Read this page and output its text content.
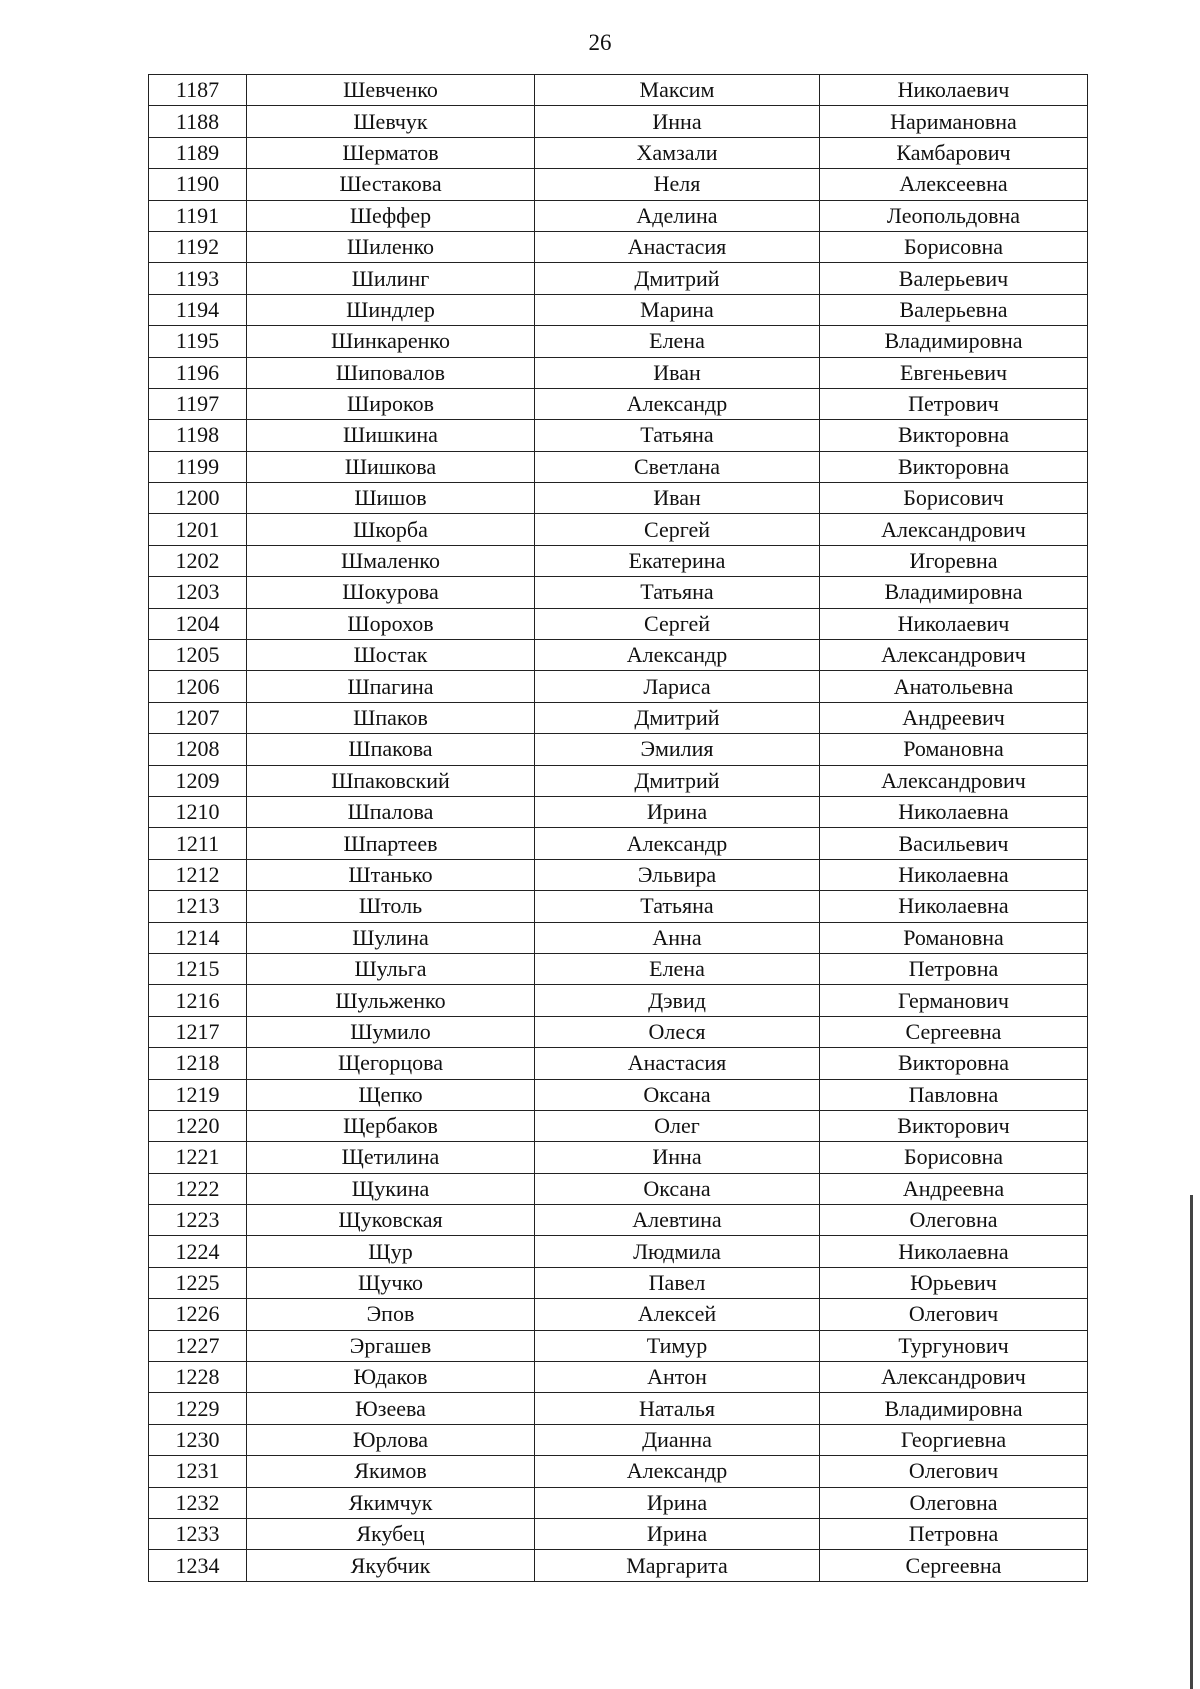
26
1187	Шевченко	Максим	Николаевич
1188	Шевчук	Инна	Наримановна
1189	Шерматов	Хамзали	Камбарович
1190	Шестакова	Неля	Алексеевна
1191	Шеффер	Аделина	Леопольдовна
1192	Шиленко	Анастасия	Борисовна
1193	Шилинг	Дмитрий	Валерьевич
1194	Шиндлер	Марина	Валерьевна
1195	Шинкаренко	Елена	Владимировна
1196	Шиповалов	Иван	Евгеньевич
1197	Широков	Александр	Петрович
1198	Шишкина	Татьяна	Викторовна
1199	Шишкова	Светлана	Викторовна
1200	Шишов	Иван	Борисович
1201	Шкорба	Сергей	Александрович
1202	Шмаленко	Екатерина	Игоревна
1203	Шокурова	Татьяна	Владимировна
1204	Шорохов	Сергей	Николаевич
1205	Шостак	Александр	Александрович
1206	Шпагина	Лариса	Анатольевна
1207	Шпаков	Дмитрий	Андреевич
1208	Шпакова	Эмилия	Романовна
1209	Шпаковский	Дмитрий	Александрович
1210	Шпалова	Ирина	Николаевна
1211	Шпартеев	Александр	Васильевич
1212	Штанько	Эльвира	Николаевна
1213	Штоль	Татьяна	Николаевна
1214	Шулина	Анна	Романовна
1215	Шульга	Елена	Петровна
1216	Шульженко	Дэвид	Германович
1217	Шумило	Олеся	Сергеевна
1218	Щегорцова	Анастасия	Викторовна
1219	Щепко	Оксана	Павловна
1220	Щербаков	Олег	Викторович
1221	Щетилина	Инна	Борисовна
1222	Щукина	Оксана	Андреевна
1223	Щуковская	Алевтина	Олеговна
1224	Щур	Людмила	Николаевна
1225	Щучко	Павел	Юрьевич
1226	Эпов	Алексей	Олегович
1227	Эргашев	Тимур	Тургунович
1228	Юдаков	Антон	Александрович
1229	Юзеева	Наталья	Владимировна
1230	Юрлова	Дианна	Георгиевна
1231	Якимов	Александр	Олегович
1232	Якимчук	Ирина	Олеговна
1233	Якубец	Ирина	Петровна
1234	Якубчик	Маргарита	Сергеевна
